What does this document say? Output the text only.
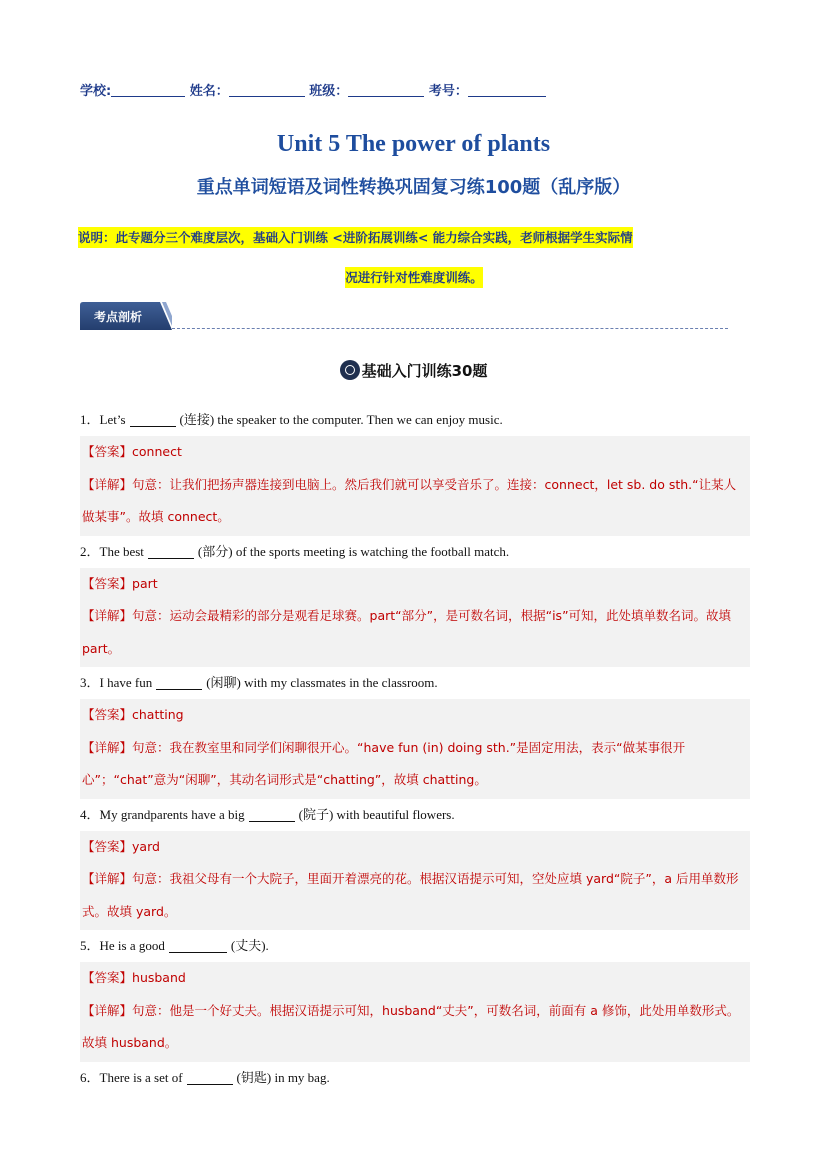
学校:	姓名：	班级：	考号：
Unit 5 The power of plants
重点单词短语及词性转换巩固复习练100题（乱序版）
说明：此专题分三个难度层次，基础入门训练 <进阶拓展训练< 能力综合实践，老师根据学生实际情
况进行针对性难度训练。
考点剖析
基础入门训练30题
1．Let’s	(连接) the speaker to the computer. Then we can enjoy music.
【答案】connect
【详解】句意：让我们把扬声器连接到电脑上。然后我们就可以享受音乐了。连接：connect，let sb. do sth.“让某人做某事”。故填 connect。
2．The best	(部分) of the sports meeting is watching the football match.
【答案】part
【详解】句意：运动会最精彩的部分是观看足球赛。part“部分”，是可数名词，根据“is”可知，此处填单数名词。故填 part。
3．I have fun	(闲聊) with my classmates in the classroom.
【答案】chatting
【详解】句意：我在教室里和同学们闲聊很开心。“have fun (in) doing sth.”是固定用法，表示“做某事很开心”；“chat”意为“闲聊”，其动名词形式是“chatting”，故填 chatting。
4．My grandparents have a big	(院子) with beautiful flowers.
【答案】yard
【详解】句意：我祖父母有一个大院子，里面开着漂亮的花。根据汉语提示可知，空处应填 yard“院子”，a 后用单数形式。故填 yard。
5．He is a good	(丈夫).
【答案】husband
【详解】句意：他是一个好丈夫。根据汉语提示可知，husband“丈夫”，可数名词，前面有 a 修饰，此处用单数形式。故填 husband。
6．There is a set of	(钥匙) in my bag.
